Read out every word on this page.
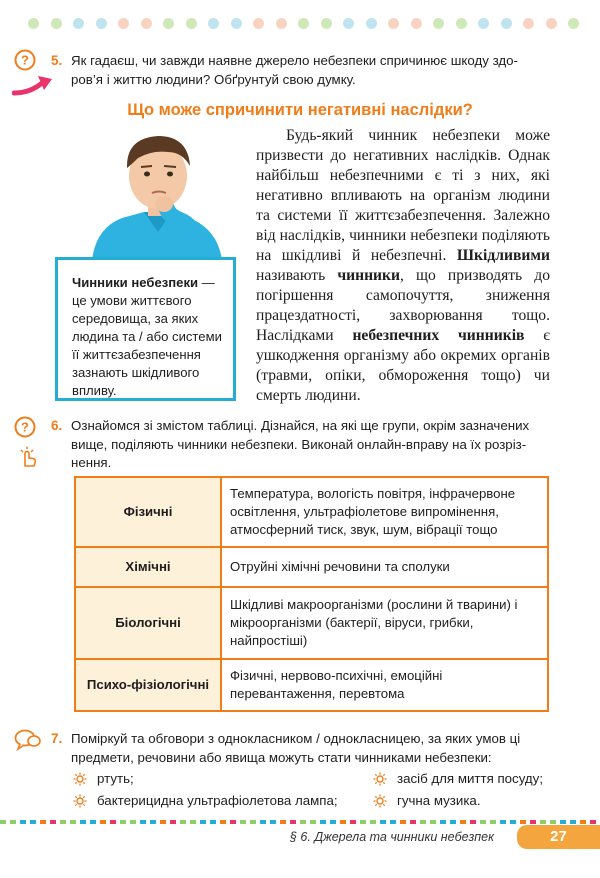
? 5. Як гадаєш, чи завжди наявне джерело небезпеки спричинює шкоду здо-
ров’я і життю людини? Обґрунтуй свою думку.
Що може спричинити негативні наслідки?
Чинники небезпеки — це умови життєвого середовища, за яких людина та / або системи її життєзабезпечення зазнають шкідливого впливу.
Будь-який чинник небезпеки може призвести до негативних наслідків. Однак найбільш небезпечними є ті з них, які негативно впливають на організм людини та системи її життєзабезпечення. Залежно від наслідків, чинники небезпеки поділяють на шкідливі й небезпечні. Шкідливими називають чинники, що призводять до погіршення самопочуття, зниження працездатності, захворювання тощо. Наслідками небезпечних чинників є ушкодження організму або окремих органів (травми, опіки, обмороження тощо) чи смерть людини.
? 6. Ознайомся зі змістом таблиці. Дізнайся, на які ще групи, окрім зазначених
вище, поділяють чинники небезпеки. Виконай онлайн-вправу на їх розріз-
нення.
Фізичні	Температура, вологість повітря, інфрачервоне освітлення, ультрафіолетове випромінення, атмосферний тиск, звук, шум, вібрації тощо
Хімічні	Отруйні хімічні речовини та сполуки
Біологічні	Шкідливі макроорганізми (рослини й тварини) і мікроорганізми (бактерії, віруси, грибки, найпростіші)
Психо-фізіологічні	Фізичні, нервово-психічні, емоційні перевантаження, перевтома
7. Поміркуй та обговори з однокласником / однокласницею, за яких умов ці
предмети, речовини або явища можуть стати чинниками небезпеки:
ртуть;
бактерицидна ультрафіолетова лампа;
засіб для миття посуду;
гучна музика.
§ 6. Джерела та чинники небезпек	27
